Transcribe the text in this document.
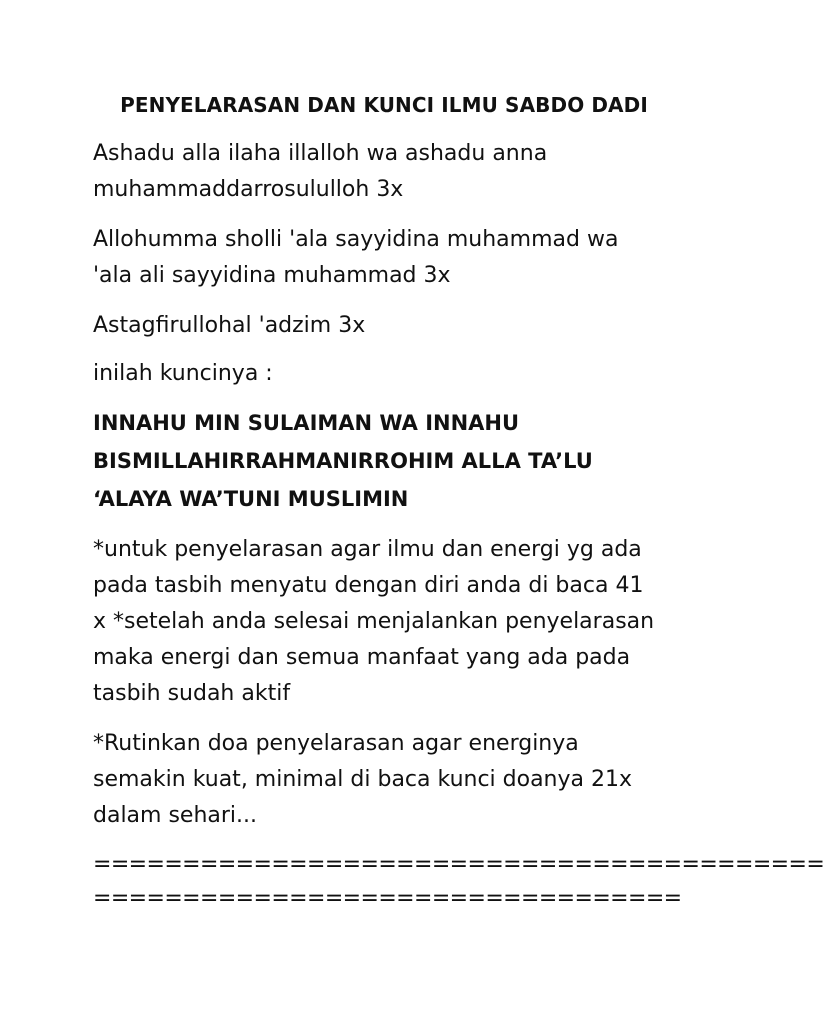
PENYELARASAN DAN KUNCI ILMU SABDO DADI
Ashadu alla ilaha illalloh wa ashadu anna
muhammaddarrosululloh 3x
Allohumma sholli 'ala sayyidina muhammad wa
'ala ali sayyidina muhammad 3x
Astagfirullohal 'adzim 3x
inilah kuncinya :
INNAHU MIN SULAIMAN WA INNAHU
BISMILLAHIRRAHMANIRROHIM ALLA TA’LU
‘ALAYA WA’TUNI MUSLIMIN
*untuk penyelarasan agar ilmu dan energi yg ada
pada tasbih menyatu dengan diri anda di baca 41
x *setelah anda selesai menjalankan penyelarasan
maka energi dan semua manfaat yang ada pada
tasbih sudah aktif
*Rutinkan doa penyelarasan agar energinya
semakin kuat, minimal di baca kunci doanya 21x
dalam sehari...
=========================================
=================================
